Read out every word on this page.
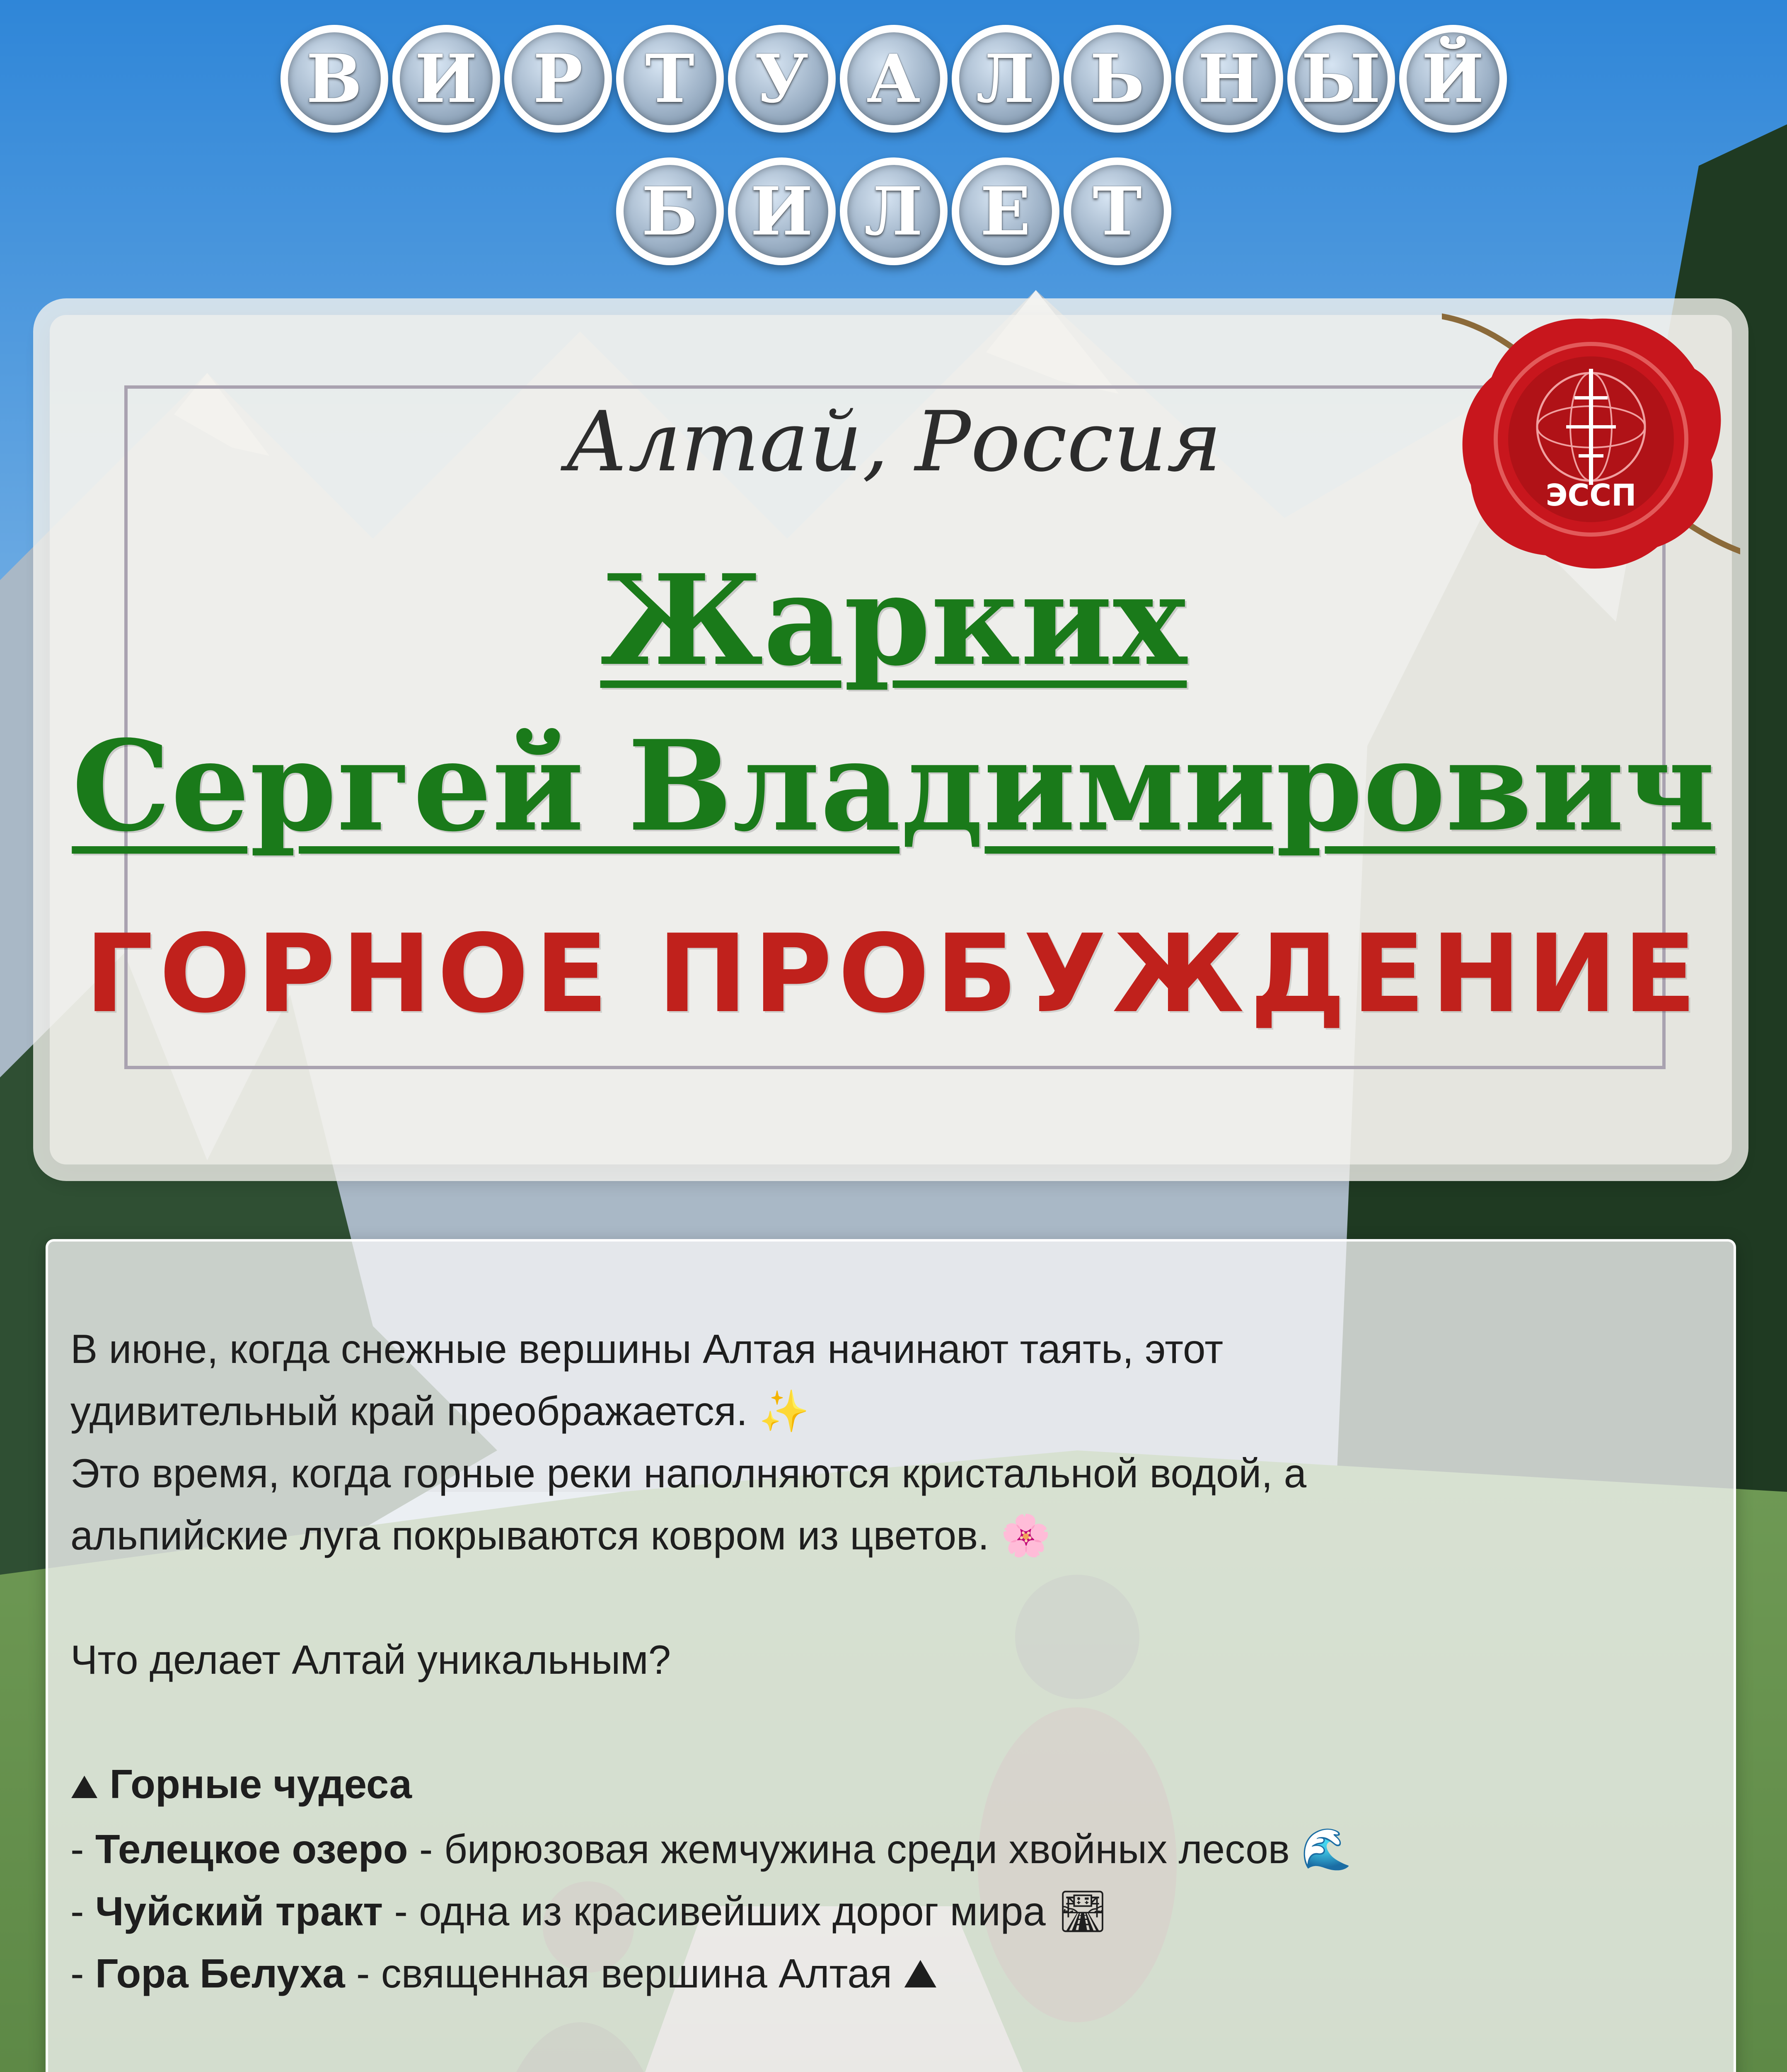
В И Р Т У А Л Ь Н Ы Й
Б И Л Е Т
Алтай, Россия
Жарких
Сергей Владимирович
ГОРНОЕ ПРОБУЖДЕНИЕ
ЭССП

В июне, когда снежные вершины Алтая начинают таять, этот

удивительный край преображается. ✨

Это время, когда горные реки наполняются кристальной водой, а

альпийские луга покрываются ковром из цветов. 🌸

Что делает Алтай уникальным?

⛰ Горные чудеса

- Телецкое озеро - бирюзовая жемчужина среди хвойных лесов 🌊

- Чуйский тракт - одна из красивейших дорог мира 🛣

- Гора Белуха - священная вершина Алтая ⛰
